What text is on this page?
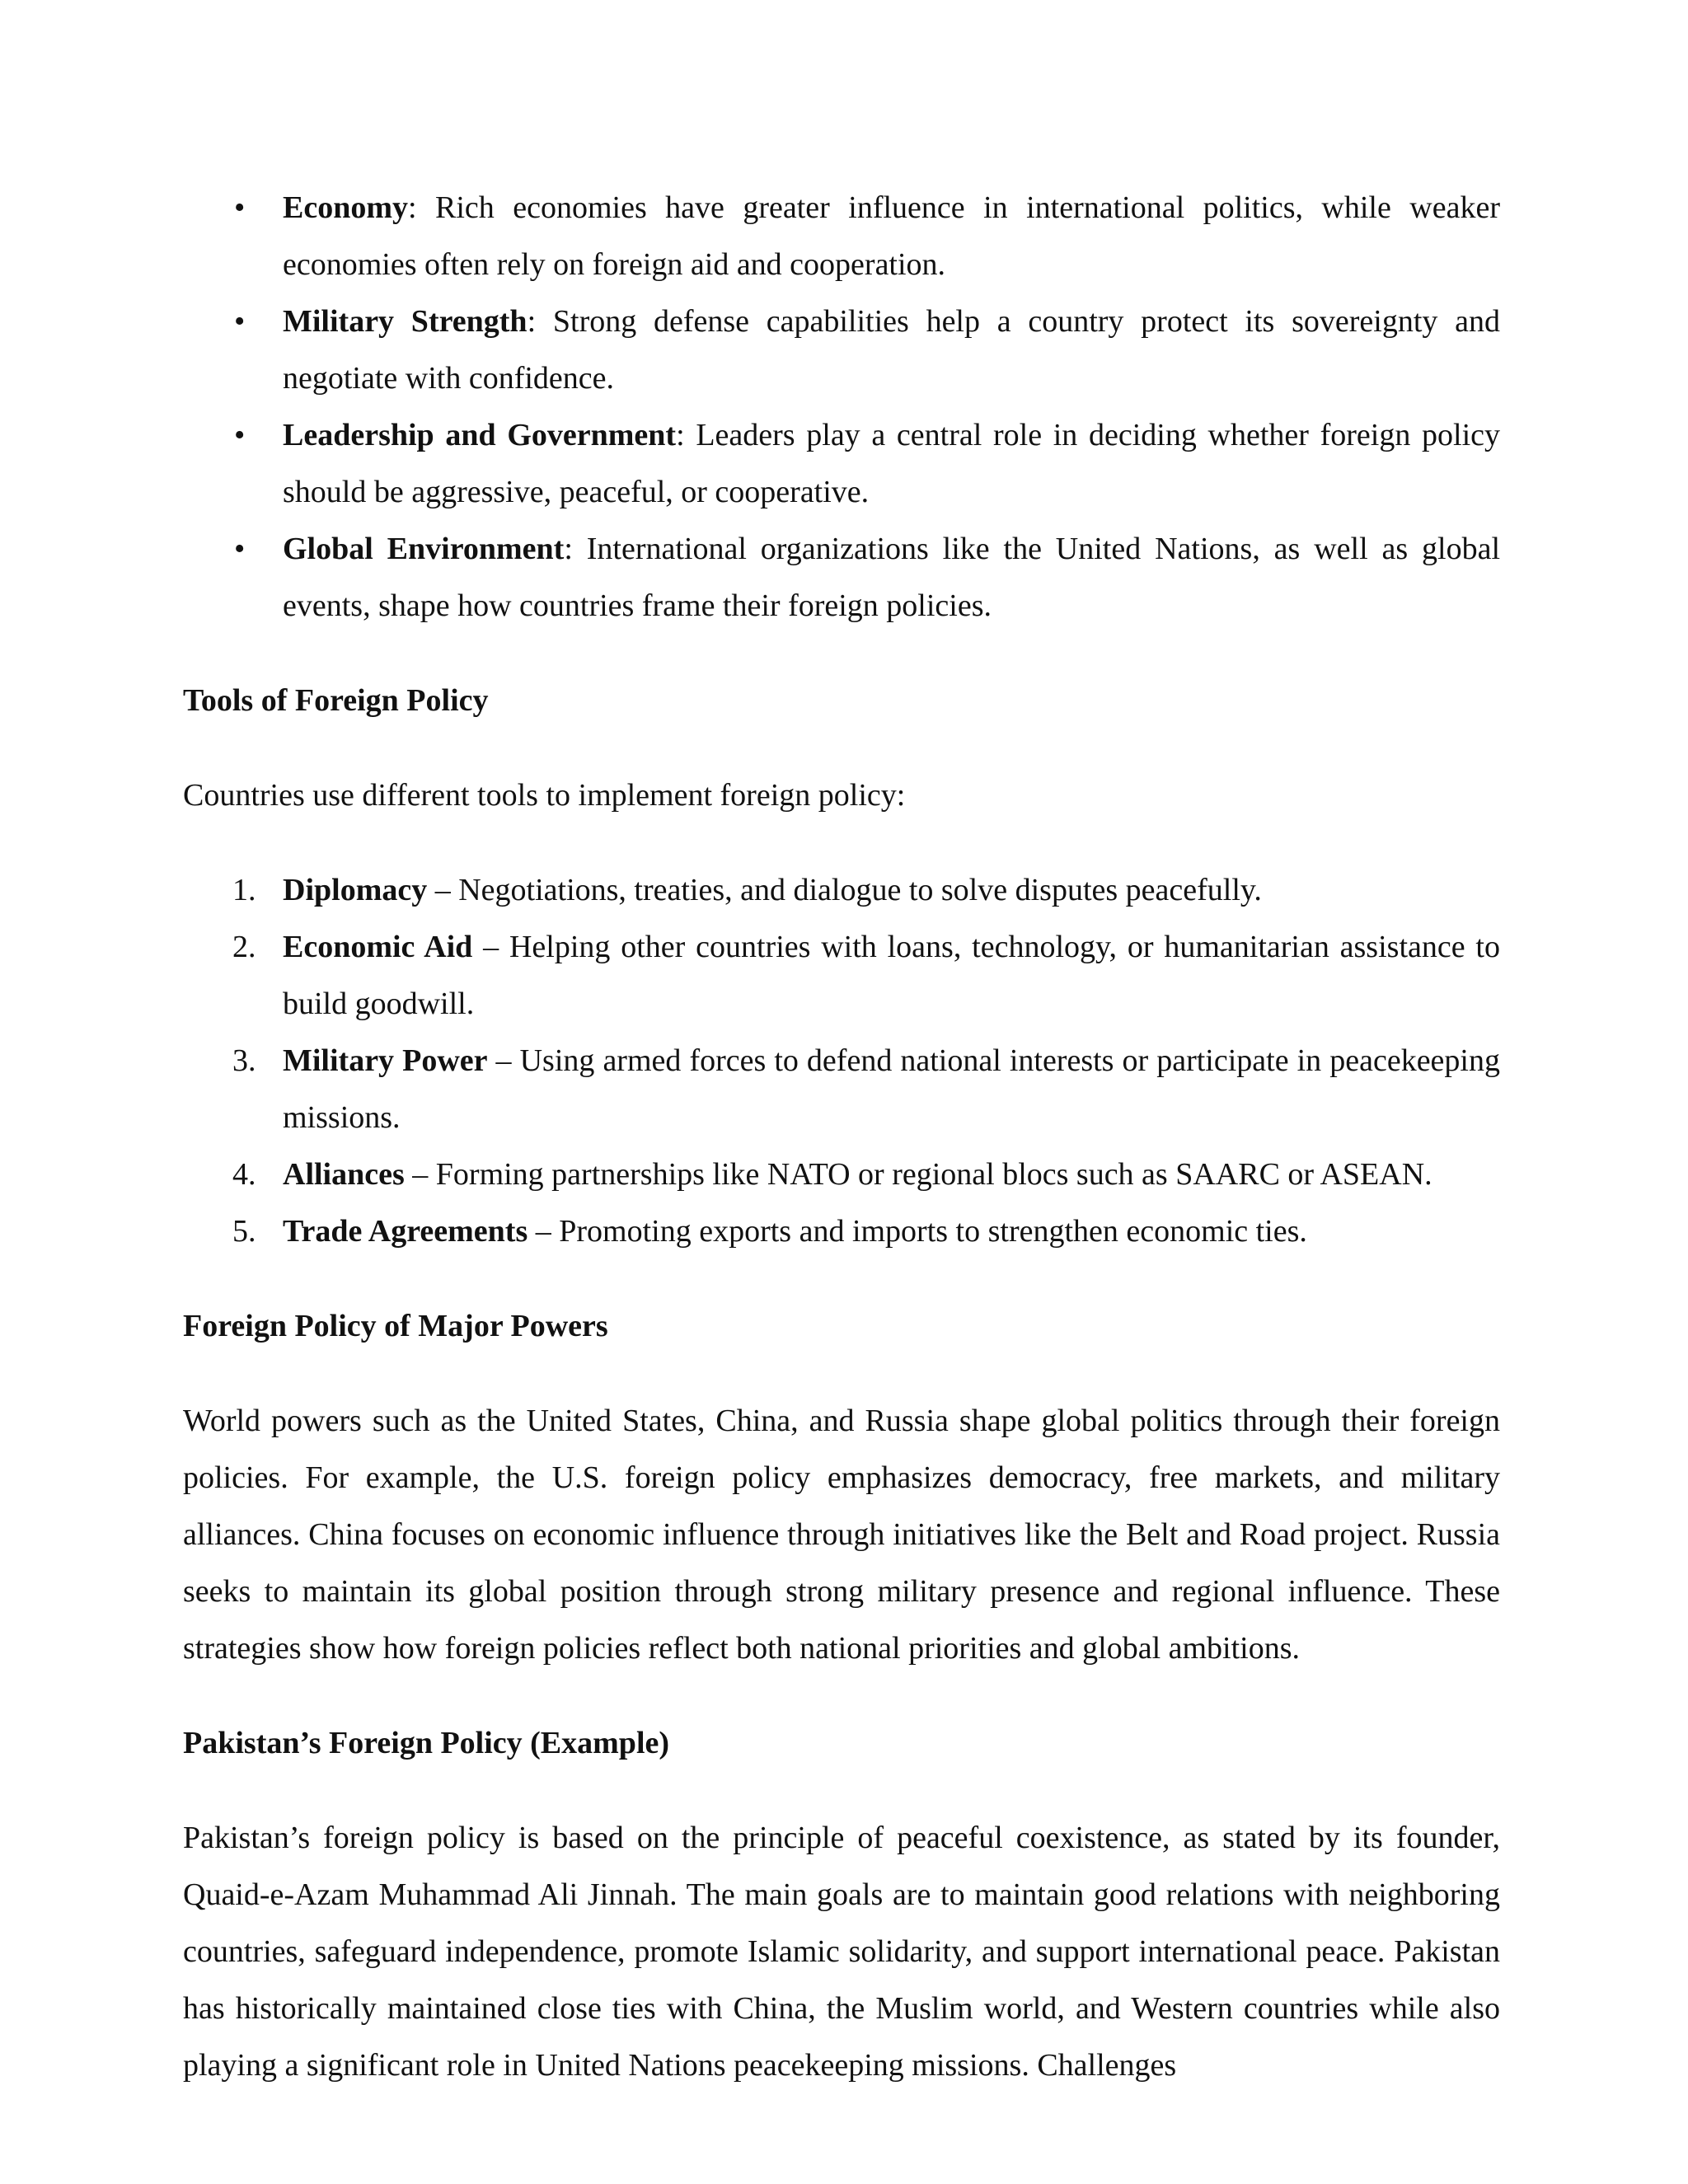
• Economy: Rich economies have greater influence in international politics, while weaker economies often rely on foreign aid and cooperation.
• Military Strength: Strong defense capabilities help a country protect its sovereignty and negotiate with confidence.
• Leadership and Government: Leaders play a central role in deciding whether foreign policy should be aggressive, peaceful, or cooperative.
• Global Environment: International organizations like the United Nations, as well as global events, shape how countries frame their foreign policies.

Tools of Foreign Policy

Countries use different tools to implement foreign policy:

1. Diplomacy – Negotiations, treaties, and dialogue to solve disputes peacefully.
2. Economic Aid – Helping other countries with loans, technology, or humanitarian assistance to build goodwill.
3. Military Power – Using armed forces to defend national interests or participate in peacekeeping missions.
4. Alliances – Forming partnerships like NATO or regional blocs such as SAARC or ASEAN.
5. Trade Agreements – Promoting exports and imports to strengthen economic ties.

Foreign Policy of Major Powers

World powers such as the United States, China, and Russia shape global politics through their foreign policies. For example, the U.S. foreign policy emphasizes democracy, free markets, and military alliances. China focuses on economic influence through initiatives like the Belt and Road project. Russia seeks to maintain its global position through strong military presence and regional influence. These strategies show how foreign policies reflect both national priorities and global ambitions.

Pakistan’s Foreign Policy (Example)

Pakistan’s foreign policy is based on the principle of peaceful coexistence, as stated by its founder, Quaid-e-Azam Muhammad Ali Jinnah. The main goals are to maintain good relations with neighboring countries, safeguard independence, promote Islamic solidarity, and support international peace. Pakistan has historically maintained close ties with China, the Muslim world, and Western countries while also playing a significant role in United Nations peacekeeping missions. Challenges
